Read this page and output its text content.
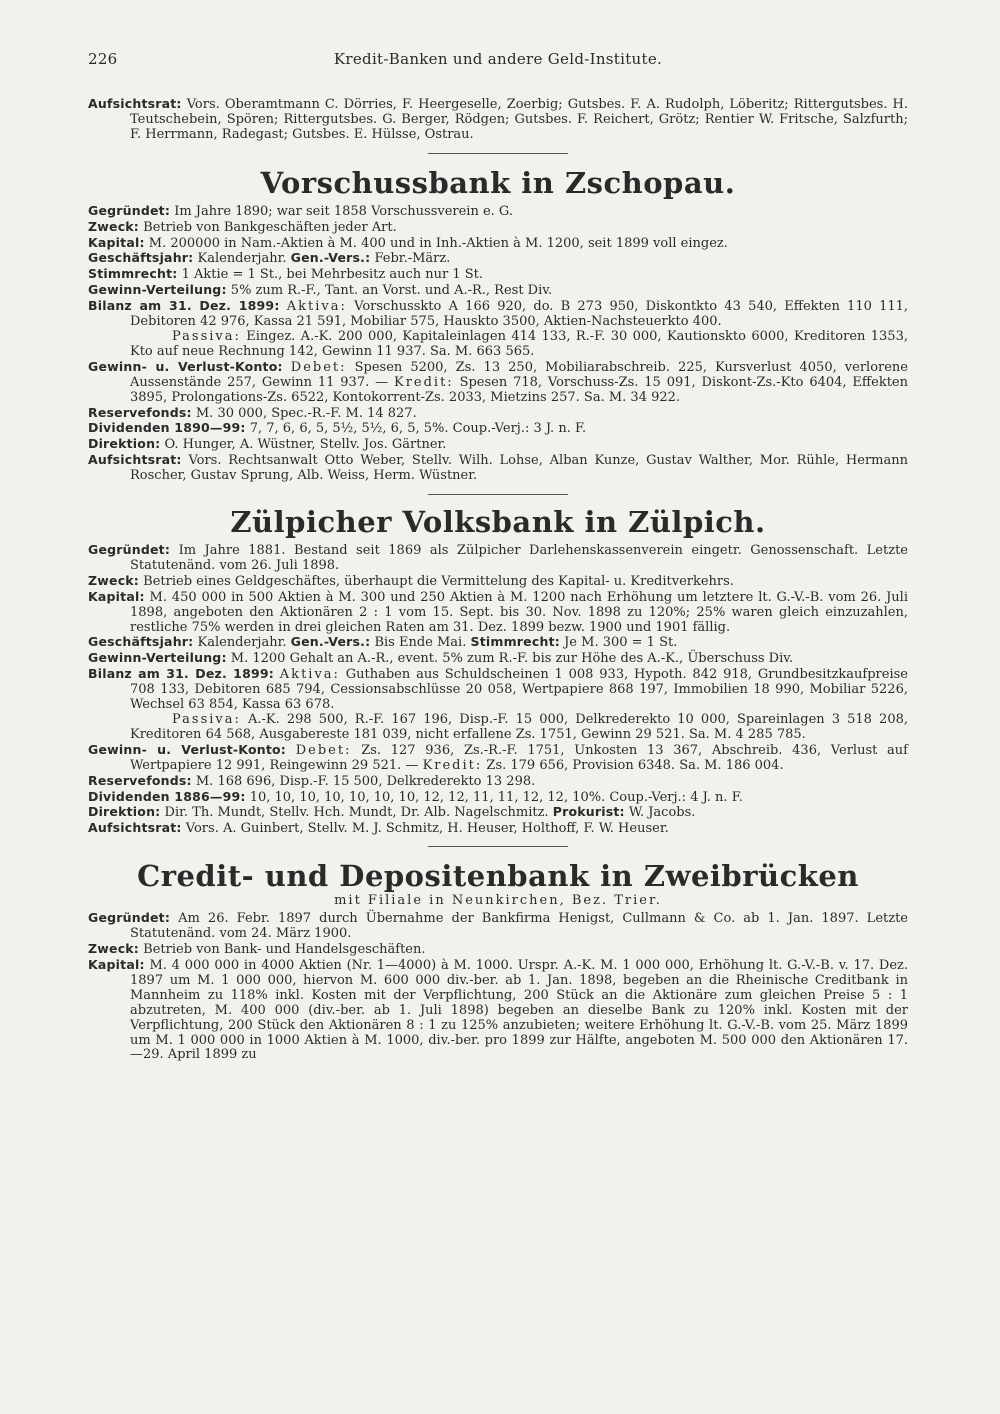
226	Kredit-Banken und andere Geld-Institute.

Aufsichtsrat: Vors. Oberamtmann C. Dörries, F. Heergeselle, Zoerbig; Gutsbes. F. A. Rudolph, Löberitz; Rittergutsbes. H. Teutschebein, Spören; Rittergutsbes. G. Berger, Rödgen; Gutsbes. F. Reichert, Grötz; Rentier W. Fritsche, Salzfurth; F. Herrmann, Radegast; Gutsbes. E. Hülsse, Ostrau.

Vorschussbank in Zschopau.

Gegründet: Im Jahre 1890; war seit 1858 Vorschussverein e. G.

Zweck: Betrieb von Bankgeschäften jeder Art.

Kapital: M. 200000 in Nam.-Aktien à M. 400 und in Inh.-Aktien à M. 1200, seit 1899 voll eingez.

Geschäftsjahr: Kalenderjahr. Gen.-Vers.: Febr.-März.

Stimmrecht: 1 Aktie = 1 St., bei Mehrbesitz auch nur 1 St.

Gewinn-Verteilung: 5% zum R.-F., Tant. an Vorst. und A.-R., Rest Div.

Bilanz am 31. Dez. 1899: Aktiva: Vorschusskto A 166 920, do. B 273 950, Diskontkto 43 540, Effekten 110 111, Debitoren 42 976, Kassa 21 591, Mobiliar 575, Hauskto 3500, Aktien-Nachsteuerkto 400.

Passiva: Eingez. A.-K. 200 000, Kapitaleinlagen 414 133, R.-F. 30 000, Kautionskto 6000, Kreditoren 1353, Kto auf neue Rechnung 142, Gewinn 11 937. Sa. M. 663 565.

Gewinn- u. Verlust-Konto: Debet: Spesen 5200, Zs. 13 250, Mobiliarabschreib. 225, Kursverlust 4050, verlorene Aussenstände 257, Gewinn 11 937. — Kredit: Spesen 718, Vorschuss-Zs. 15 091, Diskont-Zs.-Kto 6404, Effekten 3895, Prolongations-Zs. 6522, Kontokorrent-Zs. 2033, Mietzins 257. Sa. M. 34 922.

Reservefonds: M. 30 000, Spec.-R.-F. M. 14 827.

Dividenden 1890—99: 7, 7, 6, 6, 5, 5½, 5½, 6, 5, 5%. Coup.-Verj.: 3 J. n. F.

Direktion: O. Hunger, A. Wüstner, Stellv. Jos. Gärtner.

Aufsichtsrat: Vors. Rechtsanwalt Otto Weber, Stellv. Wilh. Lohse, Alban Kunze, Gustav Walther, Mor. Rühle, Hermann Roscher, Gustav Sprung, Alb. Weiss, Herm. Wüstner.

Zülpicher Volksbank in Zülpich.

Gegründet: Im Jahre 1881. Bestand seit 1869 als Zülpicher Darlehenskassenverein eingetr. Genossenschaft. Letzte Statutenänd. vom 26. Juli 1898.

Zweck: Betrieb eines Geldgeschäftes, überhaupt die Vermittelung des Kapital- u. Kreditverkehrs.

Kapital: M. 450 000 in 500 Aktien à M. 300 und 250 Aktien à M. 1200 nach Erhöhung um letztere lt. G.-V.-B. vom 26. Juli 1898, angeboten den Aktionären 2 : 1 vom 15. Sept. bis 30. Nov. 1898 zu 120%; 25% waren gleich einzuzahlen, restliche 75% werden in drei gleichen Raten am 31. Dez. 1899 bezw. 1900 und 1901 fällig.

Geschäftsjahr: Kalenderjahr. Gen.-Vers.: Bis Ende Mai. Stimmrecht: Je M. 300 = 1 St.

Gewinn-Verteilung: M. 1200 Gehalt an A.-R., event. 5% zum R.-F. bis zur Höhe des A.-K., Überschuss Div.

Bilanz am 31. Dez. 1899: Aktiva: Guthaben aus Schuldscheinen 1 008 933, Hypoth. 842 918, Grundbesitzkaufpreise 708 133, Debitoren 685 794, Cessionsabschlüsse 20 058, Wertpapiere 868 197, Immobilien 18 990, Mobiliar 5226, Wechsel 63 854, Kassa 63 678.

Passiva: A.-K. 298 500, R.-F. 167 196, Disp.-F. 15 000, Delkrederekto 10 000, Spareinlagen 3 518 208, Kreditoren 64 568, Ausgabereste 181 039, nicht erfallene Zs. 1751, Gewinn 29 521. Sa. M. 4 285 785.

Gewinn- u. Verlust-Konto: Debet: Zs. 127 936, Zs.-R.-F. 1751, Unkosten 13 367, Abschreib. 436, Verlust auf Wertpapiere 12 991, Reingewinn 29 521. — Kredit: Zs. 179 656, Provision 6348. Sa. M. 186 004.

Reservefonds: M. 168 696, Disp.-F. 15 500, Delkrederekto 13 298.

Dividenden 1886—99: 10, 10, 10, 10, 10, 10, 10, 12, 12, 11, 11, 12, 12, 10%. Coup.-Verj.: 4 J. n. F.

Direktion: Dir. Th. Mundt, Stellv. Hch. Mundt, Dr. Alb. Nagelschmitz. Prokurist: W. Jacobs.

Aufsichtsrat: Vors. A. Guinbert, Stellv. M. J. Schmitz, H. Heuser, Holthoff, F. W. Heuser.

Credit- und Depositenbank in Zweibrücken

mit Filiale in Neunkirchen, Bez. Trier.

Gegründet: Am 26. Febr. 1897 durch Übernahme der Bankfirma Henigst, Cullmann & Co. ab 1. Jan. 1897. Letzte Statutenänd. vom 24. März 1900.

Zweck: Betrieb von Bank- und Handelsgeschäften.

Kapital: M. 4 000 000 in 4000 Aktien (Nr. 1—4000) à M. 1000. Urspr. A.-K. M. 1 000 000, Erhöhung lt. G.-V.-B. v. 17. Dez. 1897 um M. 1 000 000, hiervon M. 600 000 div.-ber. ab 1. Jan. 1898, begeben an die Rheinische Creditbank in Mannheim zu 118% inkl. Kosten mit der Verpflichtung, 200 Stück an die Aktionäre zum gleichen Preise 5 : 1 abzutreten, M. 400 000 (div.-ber. ab 1. Juli 1898) begeben an dieselbe Bank zu 120% inkl. Kosten mit der Verpflichtung, 200 Stück den Aktionären 8 : 1 zu 125% anzubieten; weitere Erhöhung lt. G.-V.-B. vom 25. März 1899 um M. 1 000 000 in 1000 Aktien à M. 1000, div.-ber. pro 1899 zur Hälfte, angeboten M. 500 000 den Aktionären 17.—29. April 1899 zu
